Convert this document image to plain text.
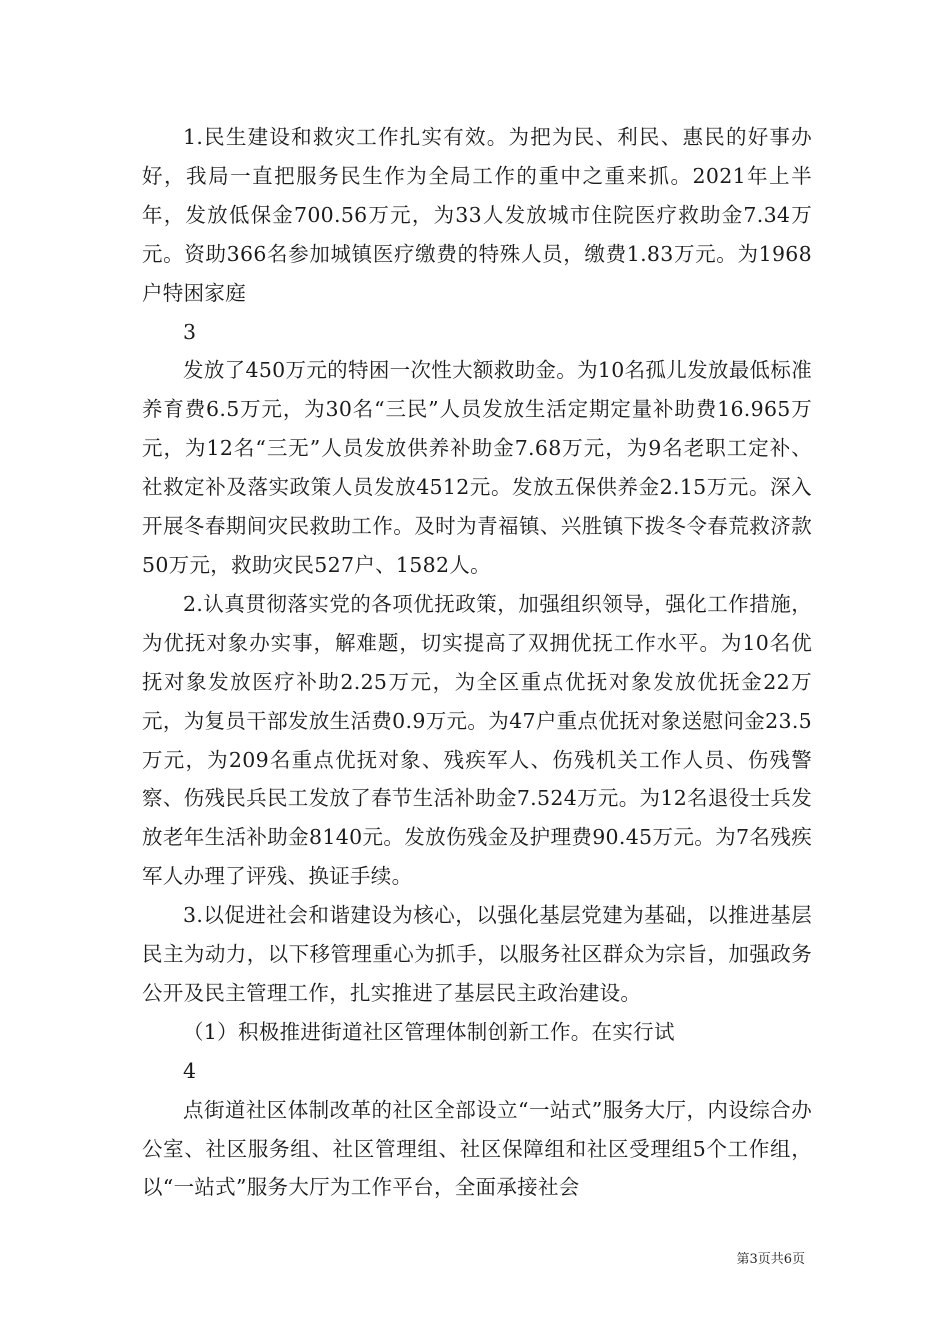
1.民生建设和救灾工作扎实有效。为把为民、利民、惠民的好事办好，我局一直把服务民生作为全局工作的重中之重来抓。2021年上半年，发放低保金700.56万元，为33人发放城市住院医疗救助金7.34万元。资助366名参加城镇医疗缴费的特殊人员，缴费1.83万元。为1968户特困家庭

3

发放了450万元的特困一次性大额救助金。为10名孤儿发放最低标准养育费6.5万元，为30名“三民”人员发放生活定期定量补助费16.965万元，为12名“三无”人员发放供养补助金7.68万元，为9名老职工定补、社救定补及落实政策人员发放4512元。发放五保供养金2.15万元。深入开展冬春期间灾民救助工作。及时为青福镇、兴胜镇下拨冬令春荒救济款50万元，救助灾民527户、1582人。

2.认真贯彻落实党的各项优抚政策，加强组织领导，强化工作措施，为优抚对象办实事，解难题，切实提高了双拥优抚工作水平。为10名优抚对象发放医疗补助2.25万元，为全区重点优抚对象发放优抚金22万元，为复员干部发放生活费0.9万元。为47户重点优抚对象送慰问金23.5万元，为209名重点优抚对象、残疾军人、伤残机关工作人员、伤残警察、伤残民兵民工发放了春节生活补助金7.524万元。为12名退役士兵发放老年生活补助金8140元。发放伤残金及护理费90.45万元。为7名残疾军人办理了评残、换证手续。

3.以促进社会和谐建设为核心，以强化基层党建为基础，以推进基层民主为动力，以下移管理重心为抓手，以服务社区群众为宗旨，加强政务公开及民主管理工作，扎实推进了基层民主政治建设。

（1）积极推进街道社区管理体制创新工作。在实行试

4

点街道社区体制改革的社区全部设立“一站式”服务大厅，内设综合办公室、社区服务组、社区管理组、社区保障组和社区受理组5个工作组，以“一站式”服务大厅为工作平台，全面承接社会

第3页共6页
